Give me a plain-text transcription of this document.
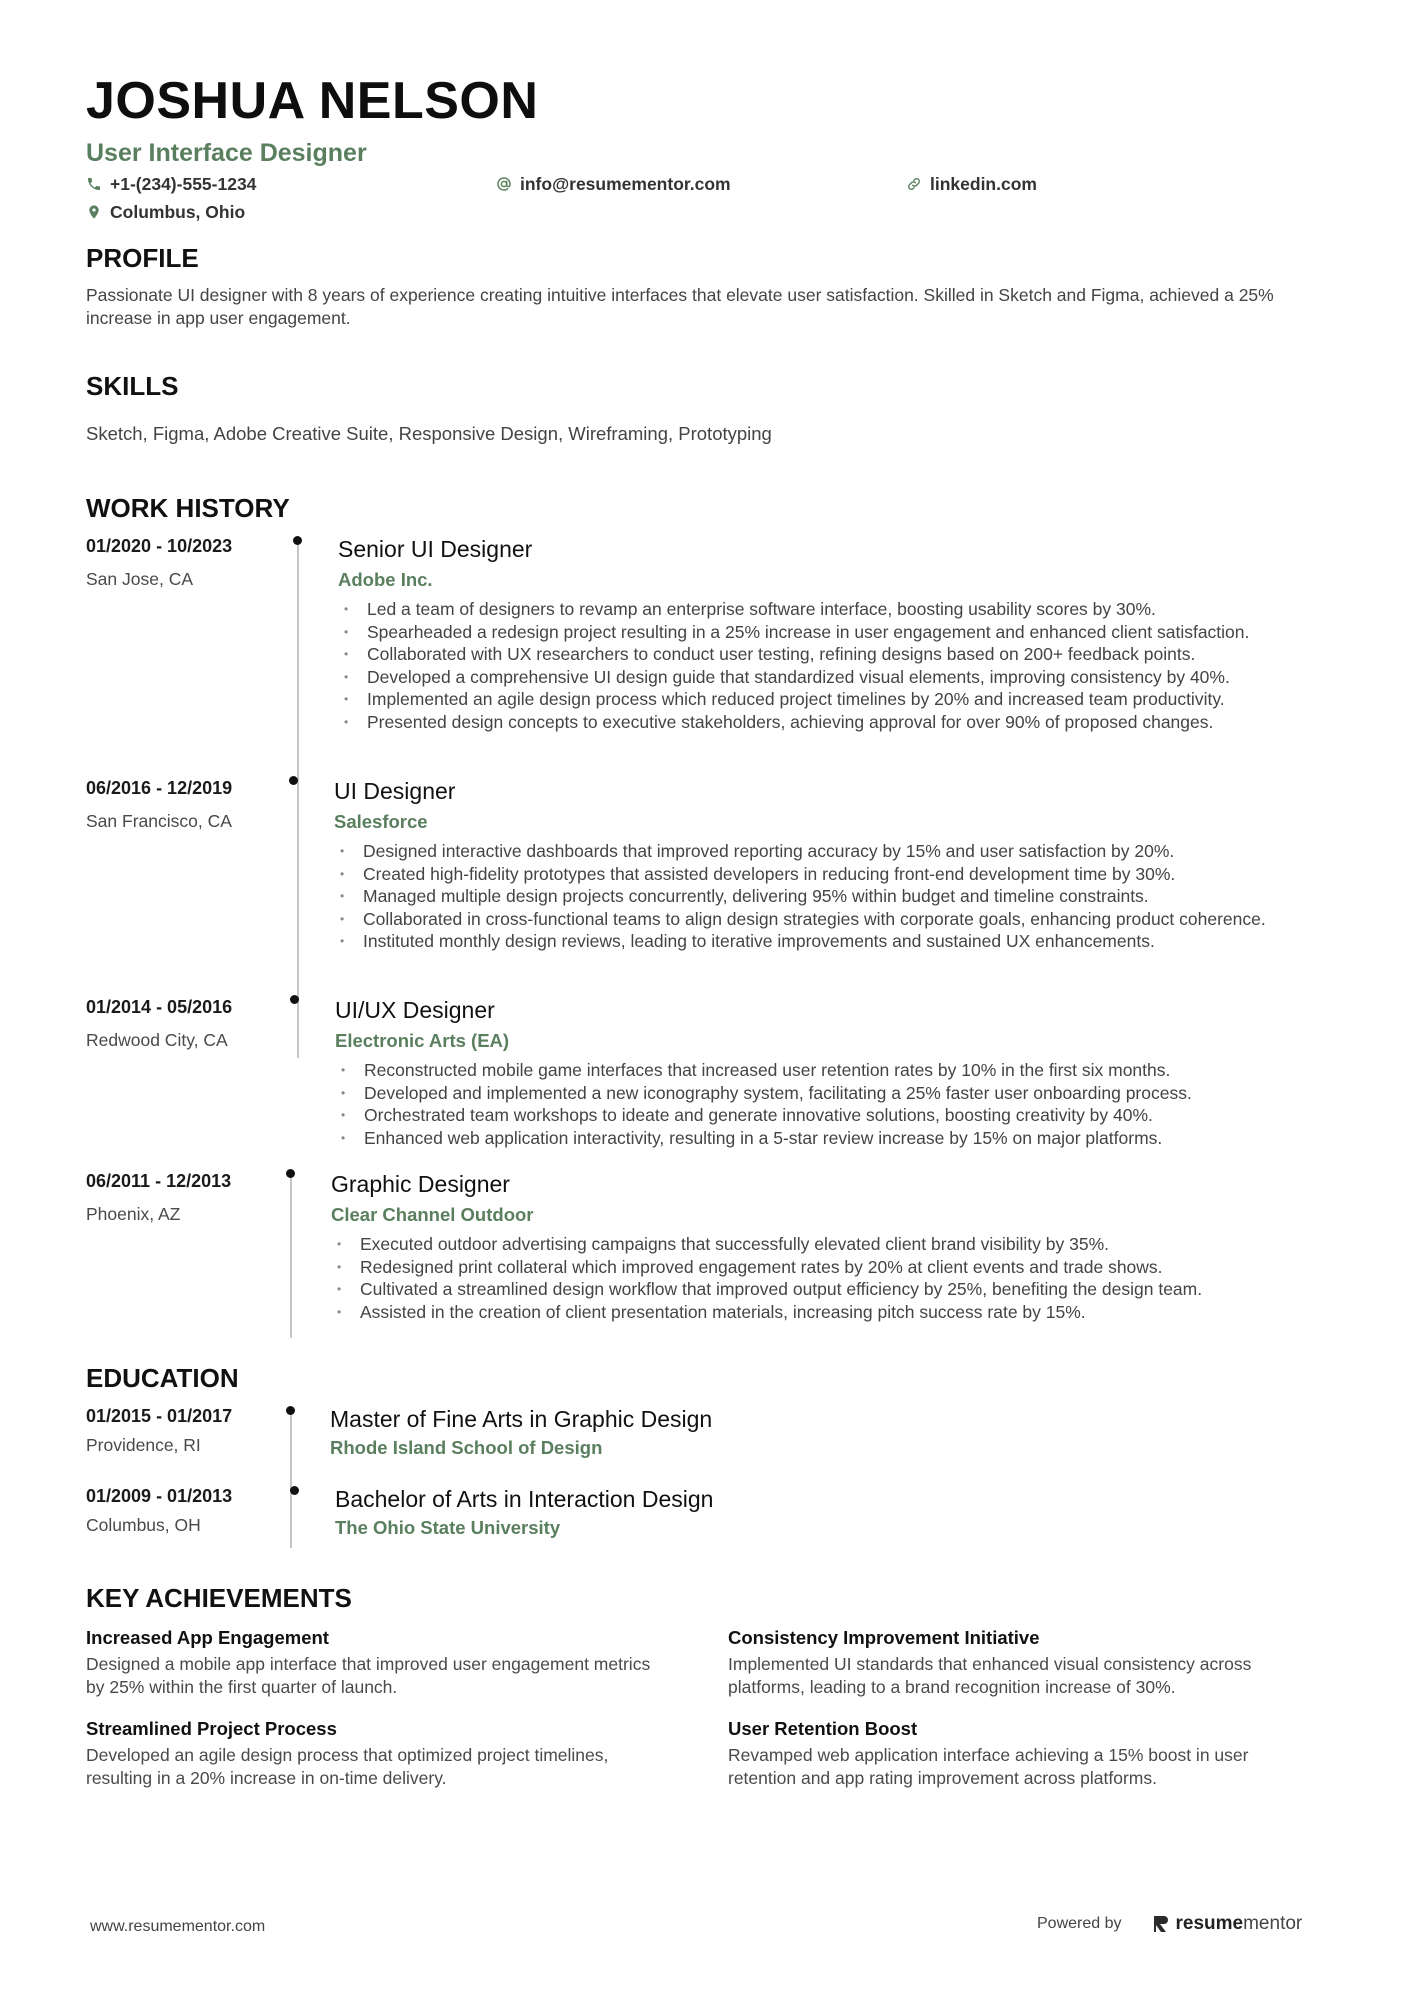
JOSHUA NELSON
User Interface Designer
+1-(234)-555-1234	info@resumementor.com	linkedin.com
Columbus, Ohio
PROFILE
Passionate UI designer with 8 years of experience creating intuitive interfaces that elevate user satisfaction. Skilled in Sketch and Figma, achieved a 25% increase in app user engagement.
SKILLS
Sketch, Figma, Adobe Creative Suite, Responsive Design, Wireframing, Prototyping
WORK HISTORY
01/2020 - 10/2023
San Jose, CA
Senior UI Designer
Adobe Inc.
• Led a team of designers to revamp an enterprise software interface, boosting usability scores by 30%.
• Spearheaded a redesign project resulting in a 25% increase in user engagement and enhanced client satisfaction.
• Collaborated with UX researchers to conduct user testing, refining designs based on 200+ feedback points.
• Developed a comprehensive UI design guide that standardized visual elements, improving consistency by 40%.
• Implemented an agile design process which reduced project timelines by 20% and increased team productivity.
• Presented design concepts to executive stakeholders, achieving approval for over 90% of proposed changes.
06/2016 - 12/2019
San Francisco, CA
UI Designer
Salesforce
• Designed interactive dashboards that improved reporting accuracy by 15% and user satisfaction by 20%.
• Created high-fidelity prototypes that assisted developers in reducing front-end development time by 30%.
• Managed multiple design projects concurrently, delivering 95% within budget and timeline constraints.
• Collaborated in cross-functional teams to align design strategies with corporate goals, enhancing product coherence.
• Instituted monthly design reviews, leading to iterative improvements and sustained UX enhancements.
01/2014 - 05/2016
Redwood City, CA
UI/UX Designer
Electronic Arts (EA)
• Reconstructed mobile game interfaces that increased user retention rates by 10% in the first six months.
• Developed and implemented a new iconography system, facilitating a 25% faster user onboarding process.
• Orchestrated team workshops to ideate and generate innovative solutions, boosting creativity by 40%.
• Enhanced web application interactivity, resulting in a 5-star review increase by 15% on major platforms.
06/2011 - 12/2013
Phoenix, AZ
Graphic Designer
Clear Channel Outdoor
• Executed outdoor advertising campaigns that successfully elevated client brand visibility by 35%.
• Redesigned print collateral which improved engagement rates by 20% at client events and trade shows.
• Cultivated a streamlined design workflow that improved output efficiency by 25%, benefiting the design team.
• Assisted in the creation of client presentation materials, increasing pitch success rate by 15%.
EDUCATION
01/2015 - 01/2017
Providence, RI
Master of Fine Arts in Graphic Design
Rhode Island School of Design
01/2009 - 01/2013
Columbus, OH
Bachelor of Arts in Interaction Design
The Ohio State University
KEY ACHIEVEMENTS
Increased App Engagement
Designed a mobile app interface that improved user engagement metrics by 25% within the first quarter of launch.
Consistency Improvement Initiative
Implemented UI standards that enhanced visual consistency across platforms, leading to a brand recognition increase of 30%.
Streamlined Project Process
Developed an agile design process that optimized project timelines, resulting in a 20% increase in on-time delivery.
User Retention Boost
Revamped web application interface achieving a 15% boost in user retention and app rating improvement across platforms.
www.resumementor.com	Powered by	resume mentor
